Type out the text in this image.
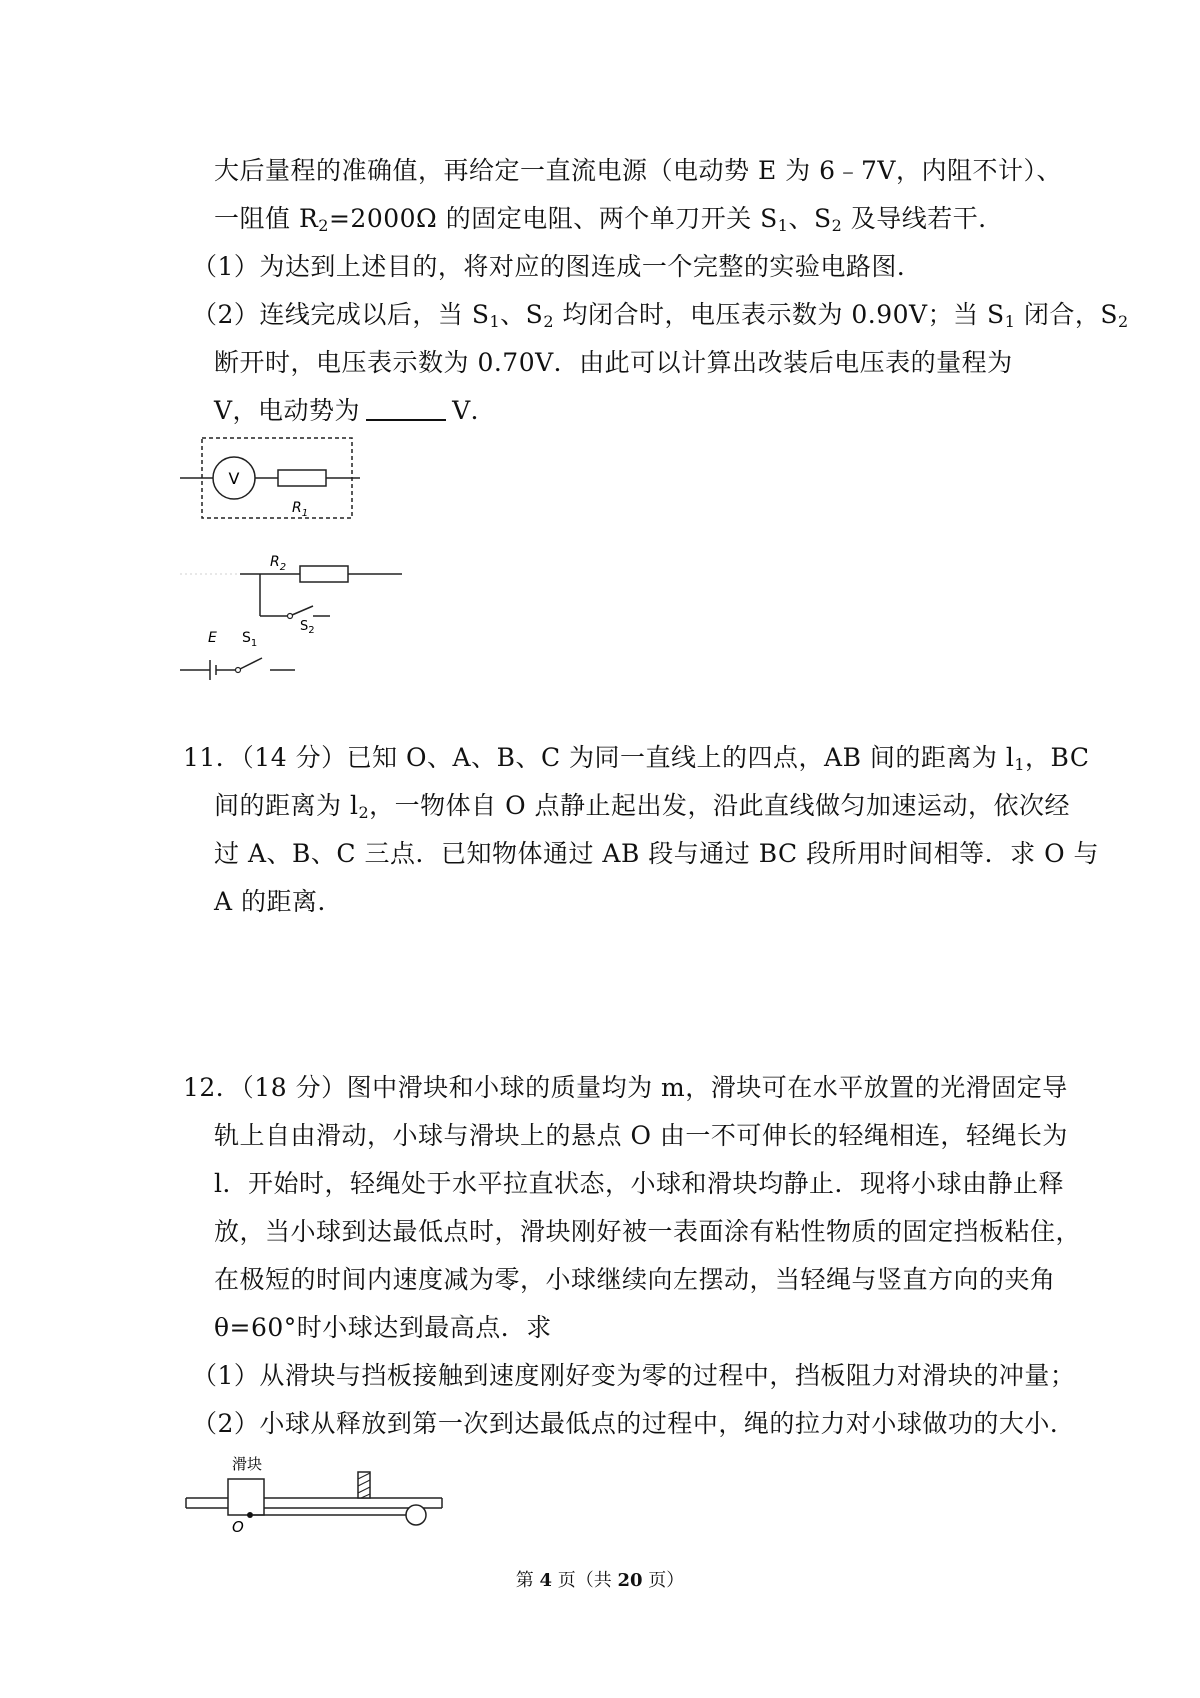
大后量程的准确值，再给定一直流电源（电动势 E 为 6﹣7V，内阻不计）、
一阻值 $R_2=2000\Omega$ 的固定电阻、两个单刀开关 $S_1$、$S_2$ 及导线若干．
（1）为达到上述目的，将对应的图连成一个完整的实验电路图．
（2）连线完成以后，当 $S_1$、$S_2$ 均闭合时，电压表示数为 0.90V；当 $S_1$ 闭合，$S_2$
断开时，电压表示数为 0.70V．由此可以计算出改装后电压表的量程为
V，电动势为	V．
V
$R_1$
$R_2$
$S_2$
E $S_1$
11．（14 分）已知 O、A、B、C 为同一直线上的四点，AB 间的距离为 $l_1$，BC
间的距离为 $l_2$，一物体自 O 点静止起出发，沿此直线做匀加速运动，依次经
过 A、B、C 三点．已知物体通过 AB 段与通过 BC 段所用时间相等．求 O 与
A 的距离．
12．（18 分）图中滑块和小球的质量均为 m，滑块可在水平放置的光滑固定导
轨上自由滑动，小球与滑块上的悬点 O 由一不可伸长的轻绳相连，轻绳长为
l．开始时，轻绳处于水平拉直状态，小球和滑块均静止．现将小球由静止释
放，当小球到达最低点时，滑块刚好被一表面涂有粘性物质的固定挡板粘住，
在极短的时间内速度减为零，小球继续向左摆动，当轻绳与竖直方向的夹角
θ=60°时小球达到最高点．求
（1）从滑块与挡板接触到速度刚好变为零的过程中，挡板阻力对滑块的冲量；
（2）小球从释放到第一次到达最低点的过程中，绳的拉力对小球做功的大小．
滑块
O
第 4 页（共 20 页）
